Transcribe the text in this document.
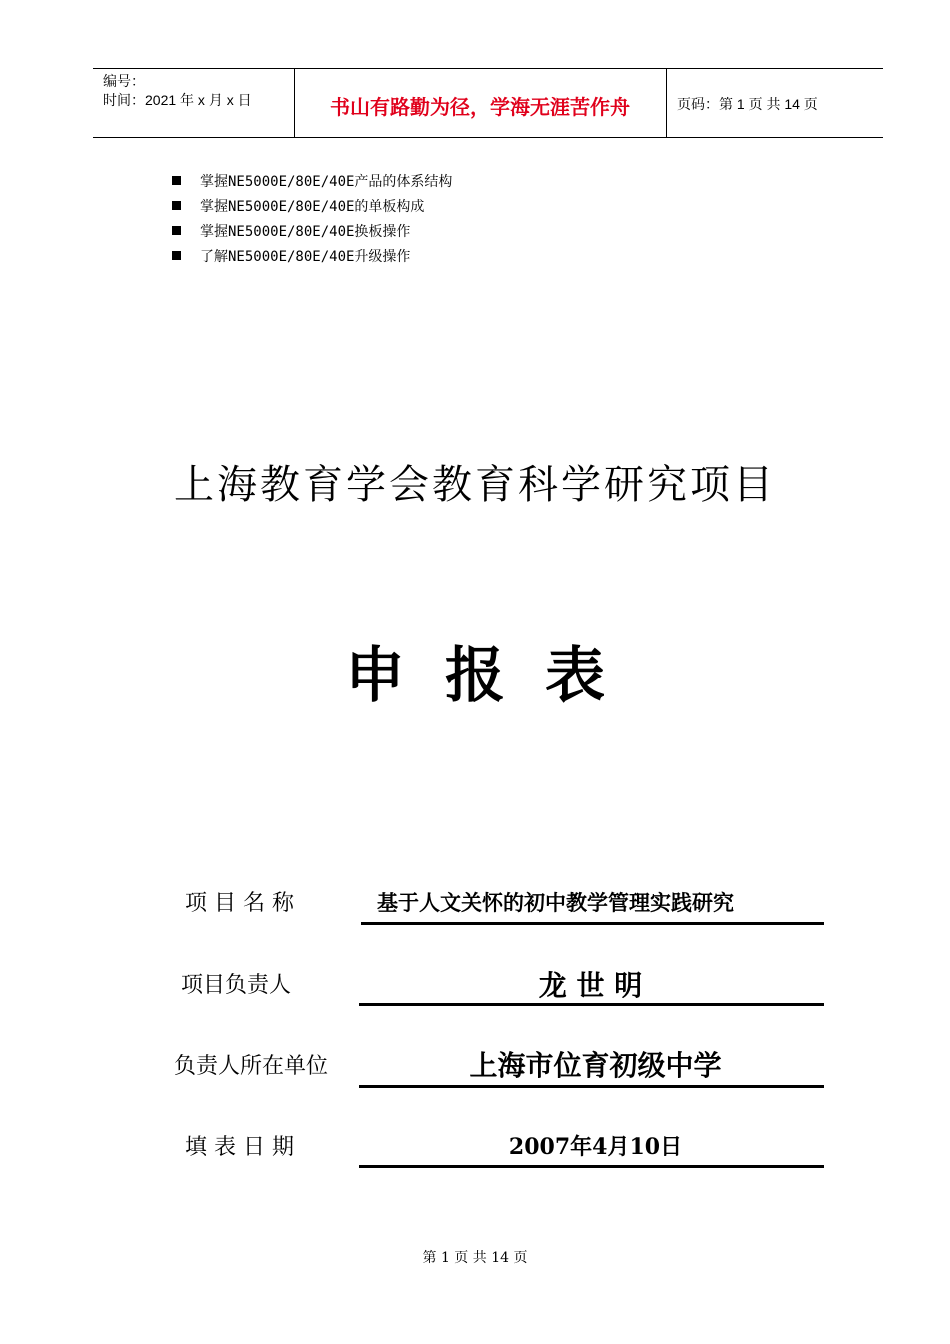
编号：
时间：2021 年 x 月 x 日	书山有路勤为径，学海无涯苦作舟	页码：第 1 页 共 14 页
掌握NE5000E/80E/40E产品的体系结构
掌握NE5000E/80E/40E的单板构成
掌握NE5000E/80E/40E换板操作
了解NE5000E/80E/40E升级操作
上海教育学会教育科学研究项目
申报表
项 目 名 称	基于人文关怀的初中教学管理实践研究
项目负责人	龙 世 明
负责人所在单位	上海市位育初级中学
填 表 日 期	2007年4月10日
第 1 页 共 14 页
